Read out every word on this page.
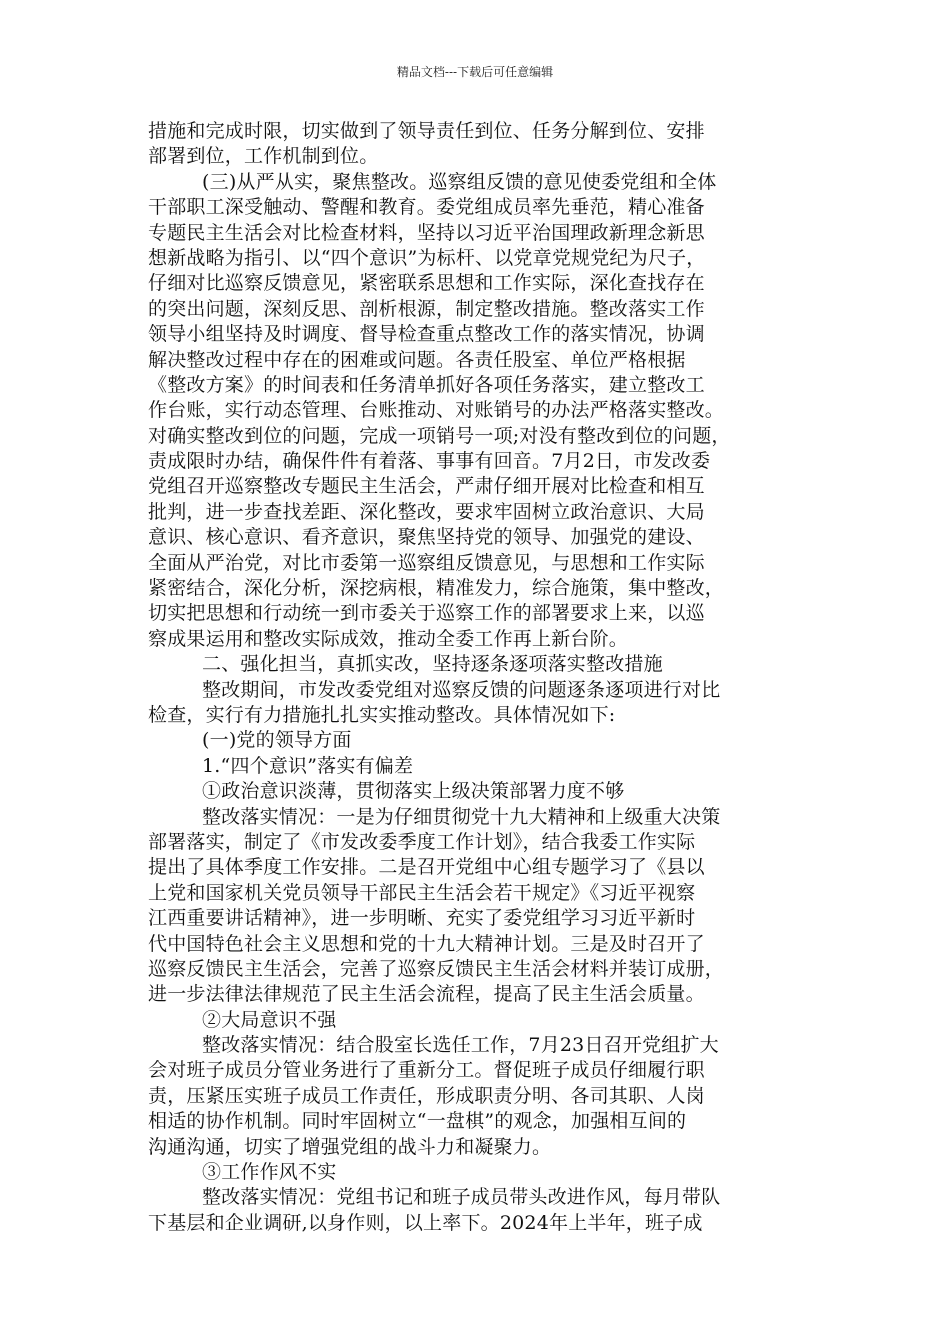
精品文档---下载后可任意编辑
措施和完成时限，切实做到了领导责任到位、任务分解到位、安排
部署到位，工作机制到位。
(三)从严从实，聚焦整改。巡察组反馈的意见使委党组和全体
干部职工深受触动、警醒和教育。委党组成员率先垂范，精心准备
专题民主生活会对比检查材料，坚持以习近平治国理政新理念新思
想新战略为指引、以“四个意识”为标杆、以党章党规党纪为尺子，
仔细对比巡察反馈意见，紧密联系思想和工作实际，深化查找存在
的突出问题，深刻反思、剖析根源，制定整改措施。整改落实工作
领导小组坚持及时调度、督导检查重点整改工作的落实情况，协调
解决整改过程中存在的困难或问题。各责任股室、单位严格根据
《整改方案》的时间表和任务清单抓好各项任务落实，建立整改工
作台账，实行动态管理、台账推动、对账销号的办法严格落实整改。
对确实整改到位的问题，完成一项销号一项;对没有整改到位的问题，
责成限时办结，确保件件有着落、事事有回音。7月2日，市发改委
党组召开巡察整改专题民主生活会，严肃仔细开展对比检查和相互
批判，进一步查找差距、深化整改，要求牢固树立政治意识、大局
意识、核心意识、看齐意识，聚焦坚持党的领导、加强党的建设、
全面从严治党，对比市委第一巡察组反馈意见，与思想和工作实际
紧密结合，深化分析，深挖病根，精准发力，综合施策，集中整改，
切实把思想和行动统一到市委关于巡察工作的部署要求上来，以巡
察成果运用和整改实际成效，推动全委工作再上新台阶。
二、强化担当，真抓实改，坚持逐条逐项落实整改措施
整改期间，市发改委党组对巡察反馈的问题逐条逐项进行对比
检查，实行有力措施扎扎实实推动整改。具体情况如下:
(一)党的领导方面
1.“四个意识”落实有偏差
①政治意识淡薄，贯彻落实上级决策部署力度不够
整改落实情况：一是为仔细贯彻党十九大精神和上级重大决策
部署落实，制定了《市发改委季度工作计划》，结合我委工作实际
提出了具体季度工作安排。二是召开党组中心组专题学习了《县以
上党和国家机关党员领导干部民主生活会若干规定》《习近平视察
江西重要讲话精神》，进一步明晰、充实了委党组学习习近平新时
代中国特色社会主义思想和党的十九大精神计划。三是及时召开了
巡察反馈民主生活会，完善了巡察反馈民主生活会材料并装订成册，
进一步法律法律规范了民主生活会流程，提高了民主生活会质量。
②大局意识不强
整改落实情况：结合股室长选任工作，7月23日召开党组扩大
会对班子成员分管业务进行了重新分工。督促班子成员仔细履行职
责，压紧压实班子成员工作责任，形成职责分明、各司其职、人岗
相适的协作机制。同时牢固树立“一盘棋”的观念，加强相互间的
沟通沟通，切实了增强党组的战斗力和凝聚力。
③工作作风不实
整改落实情况：党组书记和班子成员带头改进作风，每月带队
下基层和企业调研,以身作则，以上率下。2024年上半年，班子成
